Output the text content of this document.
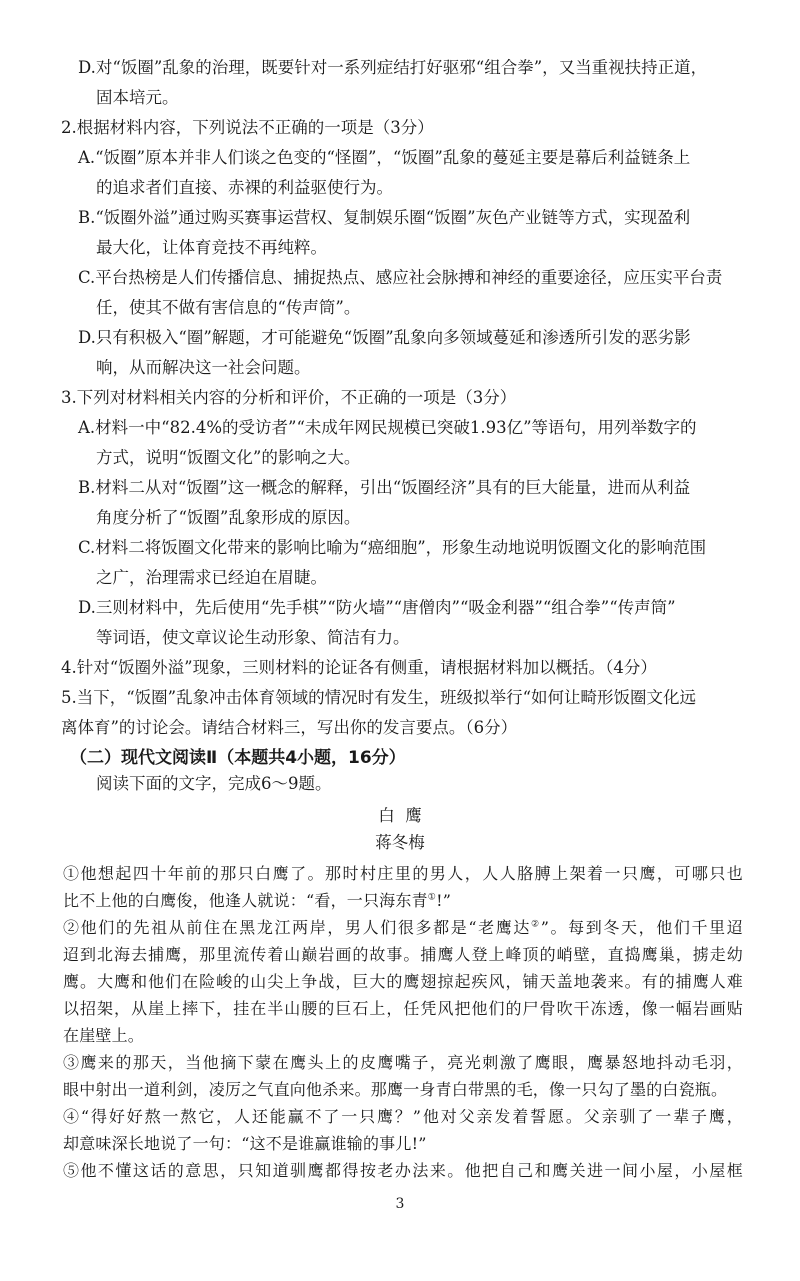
D.对“饭圈”乱象的治理，既要针对一系列症结打好驱邪“组合拳”，又当重视扶持正道，
固本培元。
2.根据材料内容，下列说法不正确的一项是（3分）
A.“饭圈”原本并非人们谈之色变的“怪圈”，“饭圈”乱象的蔓延主要是幕后利益链条上
的追求者们直接、赤裸的利益驱使行为。
B.“饭圈外溢”通过购买赛事运营权、复制娱乐圈“饭圈”灰色产业链等方式，实现盈利
最大化，让体育竞技不再纯粹。
C.平台热榜是人们传播信息、捕捉热点、感应社会脉搏和神经的重要途径，应压实平台责
任，使其不做有害信息的“传声筒”。
D.只有积极入“圈”解题，才可能避免“饭圈”乱象向多领域蔓延和渗透所引发的恶劣影
响，从而解决这一社会问题。
3.下列对材料相关内容的分析和评价，不正确的一项是（3分）
A.材料一中“82.4%的受访者”“未成年网民规模已突破1.93亿”等语句，用列举数字的
方式，说明“饭圈文化”的影响之大。
B.材料二从对“饭圈”这一概念的解释，引出“饭圈经济”具有的巨大能量，进而从利益
角度分析了“饭圈”乱象形成的原因。
C.材料二将饭圈文化带来的影响比喻为“癌细胞”，形象生动地说明饭圈文化的影响范围
之广，治理需求已经迫在眉睫。
D.三则材料中，先后使用“先手棋”“防火墙”“唐僧肉”“吸金利器”“组合拳”“传声筒”
等词语，使文章议论生动形象、简洁有力。
4.针对“饭圈外溢”现象，三则材料的论证各有侧重，请根据材料加以概括。（4分）
5.当下，“饭圈”乱象冲击体育领域的情况时有发生，班级拟举行“如何让畸形饭圈文化远
离体育”的讨论会。请结合材料三，写出你的发言要点。（6分）
（二）现代文阅读Ⅱ（本题共4小题，16分）
阅读下面的文字，完成6～9题。
白  鹰
蒋冬梅
①他想起四十年前的那只白鹰了。那时村庄里的男人，人人胳膊上架着一只鹰，可哪只也
比不上他的白鹰俊，他逢人就说：“看，一只海东青①!”
②他们的先祖从前住在黑龙江两岸，男人们很多都是“老鹰达②”。每到冬天，他们千里迢
迢到北海去捕鹰，那里流传着山巅岩画的故事。捕鹰人登上峰顶的峭壁，直捣鹰巢，掳走幼
鹰。大鹰和他们在险峻的山尖上争战，巨大的鹰翅掠起疾风，铺天盖地袭来。有的捕鹰人难
以招架，从崖上摔下，挂在半山腰的巨石上，任凭风把他们的尸骨吹干冻透，像一幅岩画贴
在崖壁上。
③鹰来的那天，当他摘下蒙在鹰头上的皮鹰嘴子，亮光刺激了鹰眼，鹰暴怒地抖动毛羽，
眼中射出一道利剑，凌厉之气直向他杀来。那鹰一身青白带黑的毛，像一只勾了墨的白瓷瓶。
④“得好好熬一熬它，人还能赢不了一只鹰？”他对父亲发着誓愿。父亲驯了一辈子鹰，
却意味深长地说了一句：“这不是谁赢谁输的事儿!”
⑤他不懂这话的意思，只知道驯鹰都得按老办法来。他把自己和鹰关进一间小屋，小屋框
3
